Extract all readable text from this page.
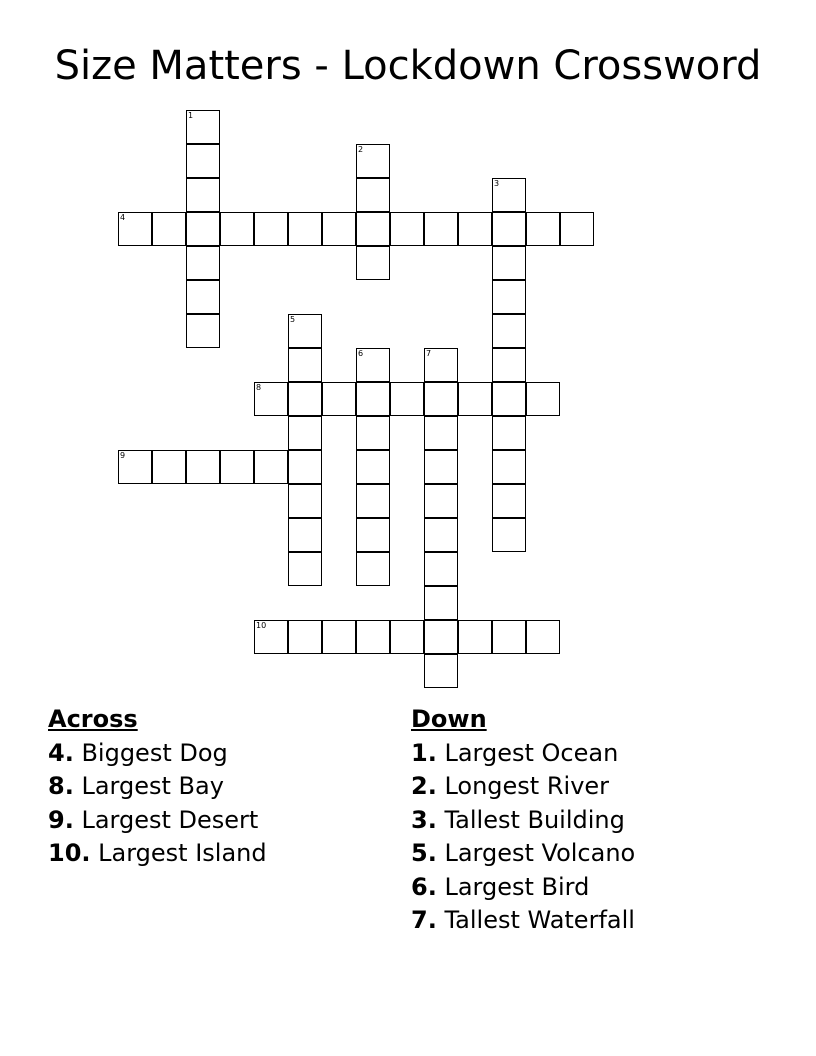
Size Matters - Lockdown Crossword
1
2
3
4
5
6	7
8
9
10
Across
4. Biggest Dog
8. Largest Bay
9. Largest Desert
10. Largest Island
Down
1. Largest Ocean
2. Longest River
3. Tallest Building
5. Largest Volcano
6. Largest Bird
7. Tallest Waterfall
